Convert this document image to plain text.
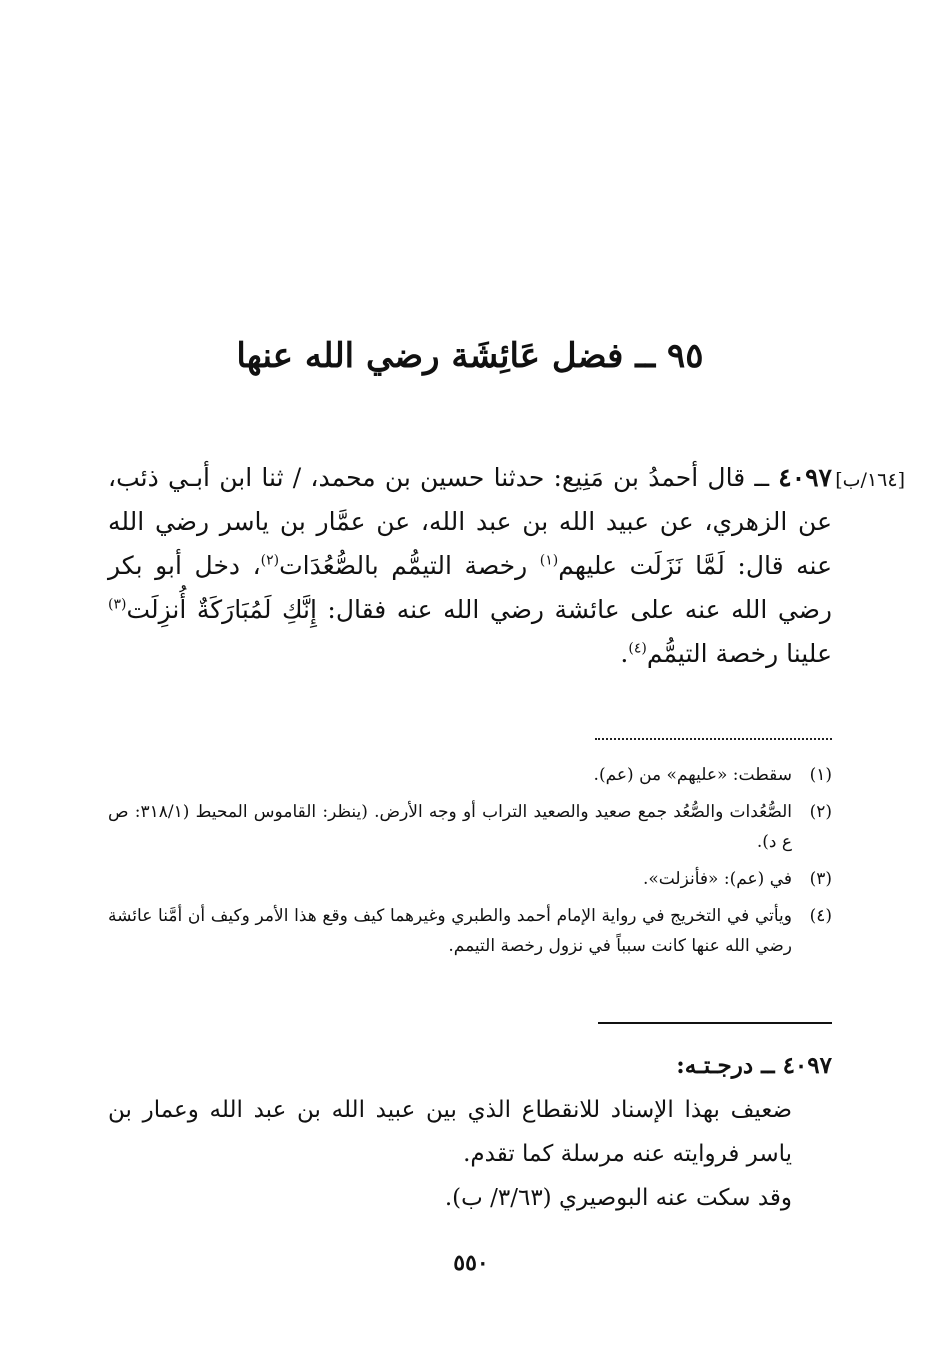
٩٥ ــ فضل عَائِشَة رضي الله عنها
[١٦٤/ب]

٤٠٩٧ ــ قال أحمدُ بن مَنِيع: حدثنا حسين بن محمد، / ثنا ابن أبـي ذئب، عن الزهري، عن عبيد الله بن عبد الله، عن عمَّار بن ياسر رضي الله عنه قال: لَمَّا نَزَلَت عليهم$^{(١)}$ رخصة التيمُّم بالصُّعُدَات$^{(٢)}$، دخل أبو بكر رضي الله عنه على عائشة رضي الله عنه فقال: إِنَّكِ لَمُبَارَكَةٌ أُنزِلَت$^{(٣)}$ علينا رخصة التيمُّم$^{(٤)}$.

(١)
سقطت: «عليهم» من (عم).
(٢)
الصُّعُدات والصُّعُد جمع صعيد والصعيد التراب أو وجه الأرض. (ينظر: القاموس المحيط (٣١٨/١: ص ع د).
(٣)
في (عم): «فأنزلت».
(٤)
ويأتي في التخريج في رواية الإمام أحمد والطبري وغيرهما كيف وقع هذا الأمر وكيف أن أمَّنا عائشة رضي الله عنها كانت سبباً في نزول رخصة التيمم.

٤٠٩٧ ــ درجـتـه:

ضعيف بهذا الإسناد للانقطاع الذي بين عبيد الله بن عبد الله وعمار بن ياسر فروايته عنه مرسلة كما تقدم.

وقد سكت عنه البوصيري (٣/٦٣/ ب).

٥٥٠
